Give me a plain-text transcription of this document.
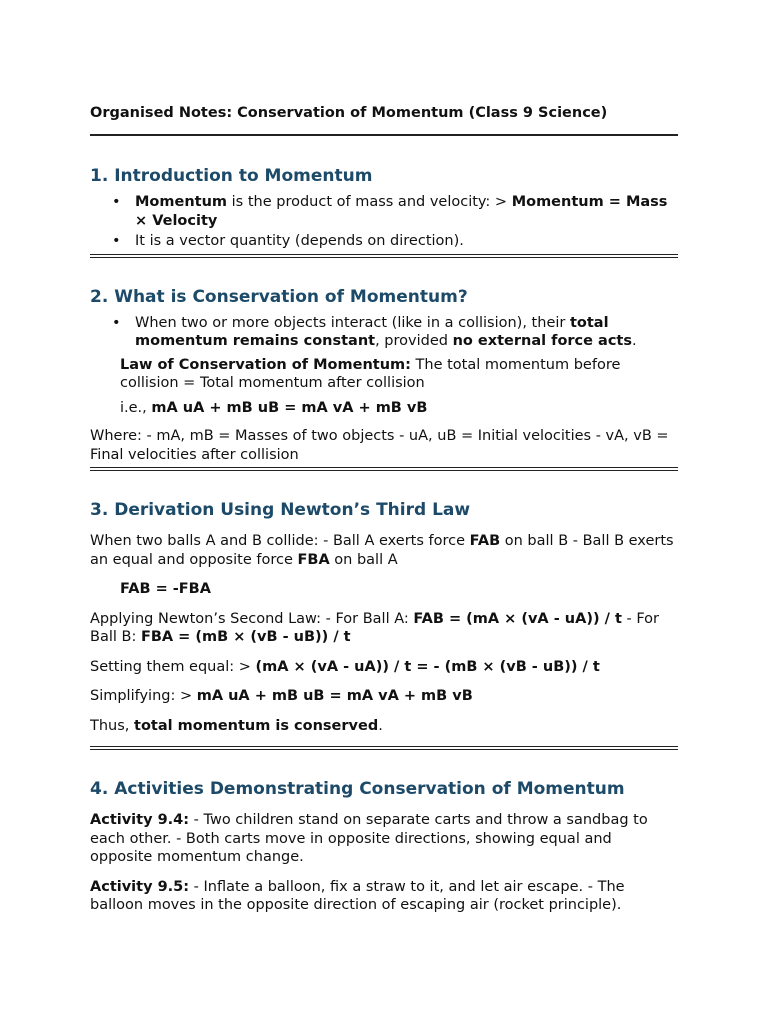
Organised Notes: Conservation of Momentum (Class 9 Science)

1. Introduction to Momentum
• Momentum is the product of mass and velocity: > Momentum = Mass × Velocity
• It is a vector quantity (depends on direction).
2. What is Conservation of Momentum?
• When two or more objects interact (like in a collision), their total momentum remains constant, provided no external force acts.

Law of Conservation of Momentum: The total momentum before collision = Total momentum after collision

i.e., mA uA + mB uB = mA vA + mB vB

Where: - mA, mB = Masses of two objects - uA, uB = Initial velocities - vA, vB = Final velocities after collision

3. Derivation Using Newton’s Third Law

When two balls A and B collide: - Ball A exerts force FAB on ball B - Ball B exerts an equal and opposite force FBA on ball A

FAB = -FBA

Applying Newton’s Second Law: - For Ball A: FAB = (mA × (vA - uA)) / t - For Ball B: FBA = (mB × (vB - uB)) / t

Setting them equal: > (mA × (vA - uA)) / t = - (mB × (vB - uB)) / t

Simplifying: > mA uA + mB uB = mA vA + mB vB

Thus, total momentum is conserved.

4. Activities Demonstrating Conservation of Momentum

Activity 9.4: - Two children stand on separate carts and throw a sandbag to each other. - Both carts move in opposite directions, showing equal and opposite momentum change.

Activity 9.5: - Inflate a balloon, fix a straw to it, and let air escape. - The balloon moves in the opposite direction of escaping air (rocket principle).
